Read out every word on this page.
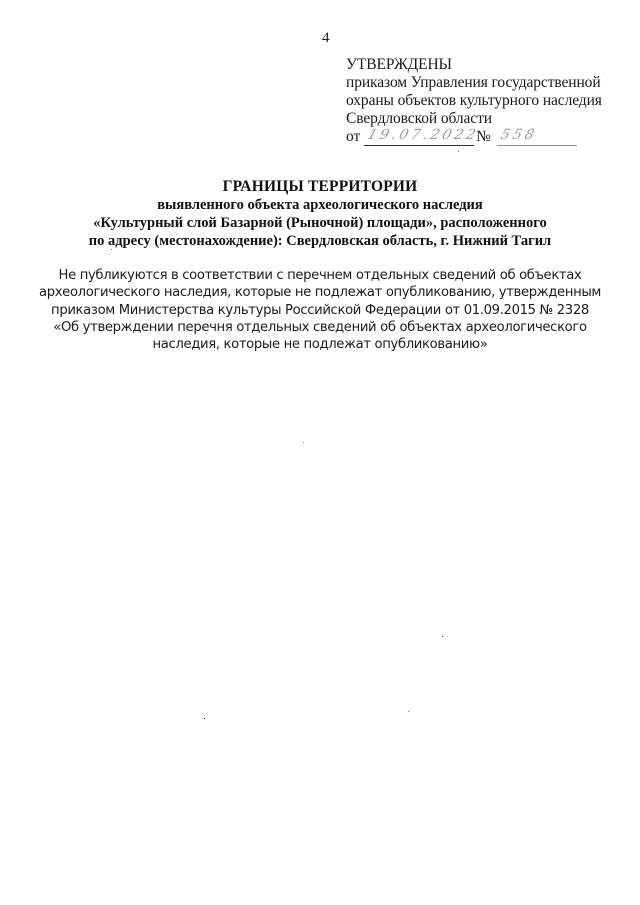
4
УТВЕРЖДЕНЫ
приказом Управления государственной
охраны объектов культурного наследия
Свердловской области
от 19.07.2022
№ 558
ГРАНИЦЫ ТЕРРИТОРИИ
выявленного объекта археологического наследия
«Культурный слой Базарной (Рыночной) площади», расположенного
по адресу (местонахождение): Свердловская область, г. Нижний Тагил
Не публикуются в соответствии с перечнем отдельных сведений об объектах
археологического наследия, которые не подлежат опубликованию, утвержденным
приказом Министерства культуры Российской Федерации от 01.09.2015 № 2328
«Об утверждении перечня отдельных сведений об объектах археологического
наследия, которые не подлежат опубликованию»
